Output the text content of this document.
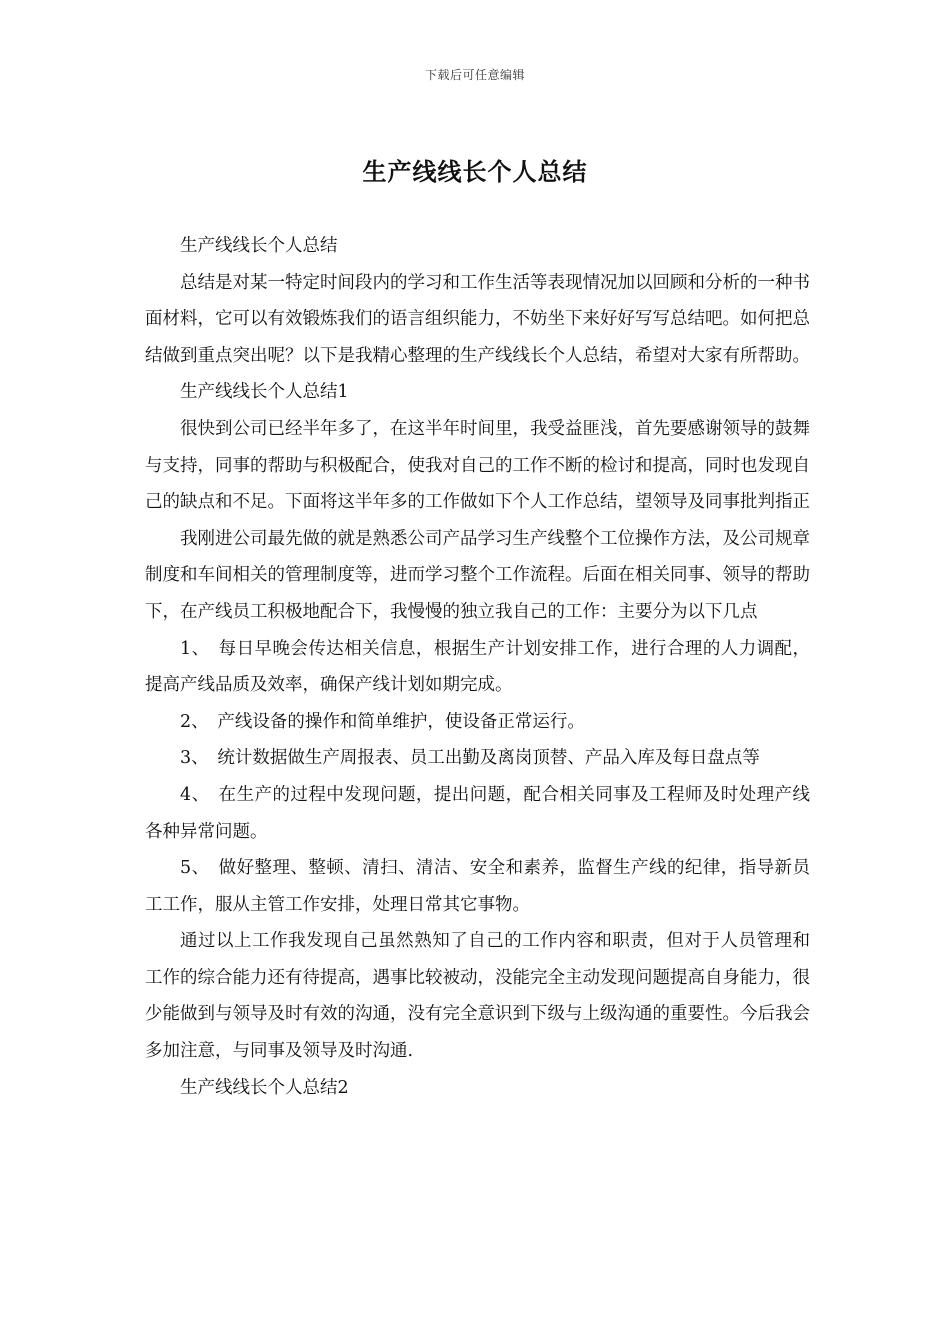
下载后可任意编辑
生产线线长个人总结

生产线线长个人总结

总结是对某一特定时间段内的学习和工作生活等表现情况加以回顾和分析的一种书面材料，它可以有效锻炼我们的语言组织能力，不妨坐下来好好写写总结吧。如何把总结做到重点突出呢？以下是我精心整理的生产线线长个人总结，希望对大家有所帮助。

生产线线长个人总结1

很快到公司已经半年多了，在这半年时间里，我受益匪浅，首先要感谢领导的鼓舞与支持，同事的帮助与积极配合，使我对自己的工作不断的检讨和提高，同时也发现自己的缺点和不足。下面将这半年多的工作做如下个人工作总结，望领导及同事批判指正

我刚进公司最先做的就是熟悉公司产品学习生产线整个工位操作方法，及公司规章制度和车间相关的管理制度等，进而学习整个工作流程。后面在相关同事、领导的帮助下，在产线员工积极地配合下，我慢慢的独立我自己的工作：主要分为以下几点

1、　每日早晚会传达相关信息，根据生产计划安排工作，进行合理的人力调配，提高产线品质及效率，确保产线计划如期完成。

2、　产线设备的操作和简单维护，使设备正常运行。

3、　统计数据做生产周报表、员工出勤及离岗顶替、产品入库及每日盘点等

4、　在生产的过程中发现问题，提出问题，配合相关同事及工程师及时处理产线各种异常问题。

5、　做好整理、整顿、清扫、清洁、安全和素养，监督生产线的纪律，指导新员工工作，服从主管工作安排，处理日常其它事物。

通过以上工作我发现自己虽然熟知了自己的工作内容和职责，但对于人员管理和 工作的综合能力还有待提高，遇事比较被动，没能完全主动发现问题提高自身能力，很少能做到与领导及时有效的沟通，没有完全意识到下级与上级沟通的重要性。今后我会多加注意，与同事及领导及时沟通.

生产线线长个人总结2
